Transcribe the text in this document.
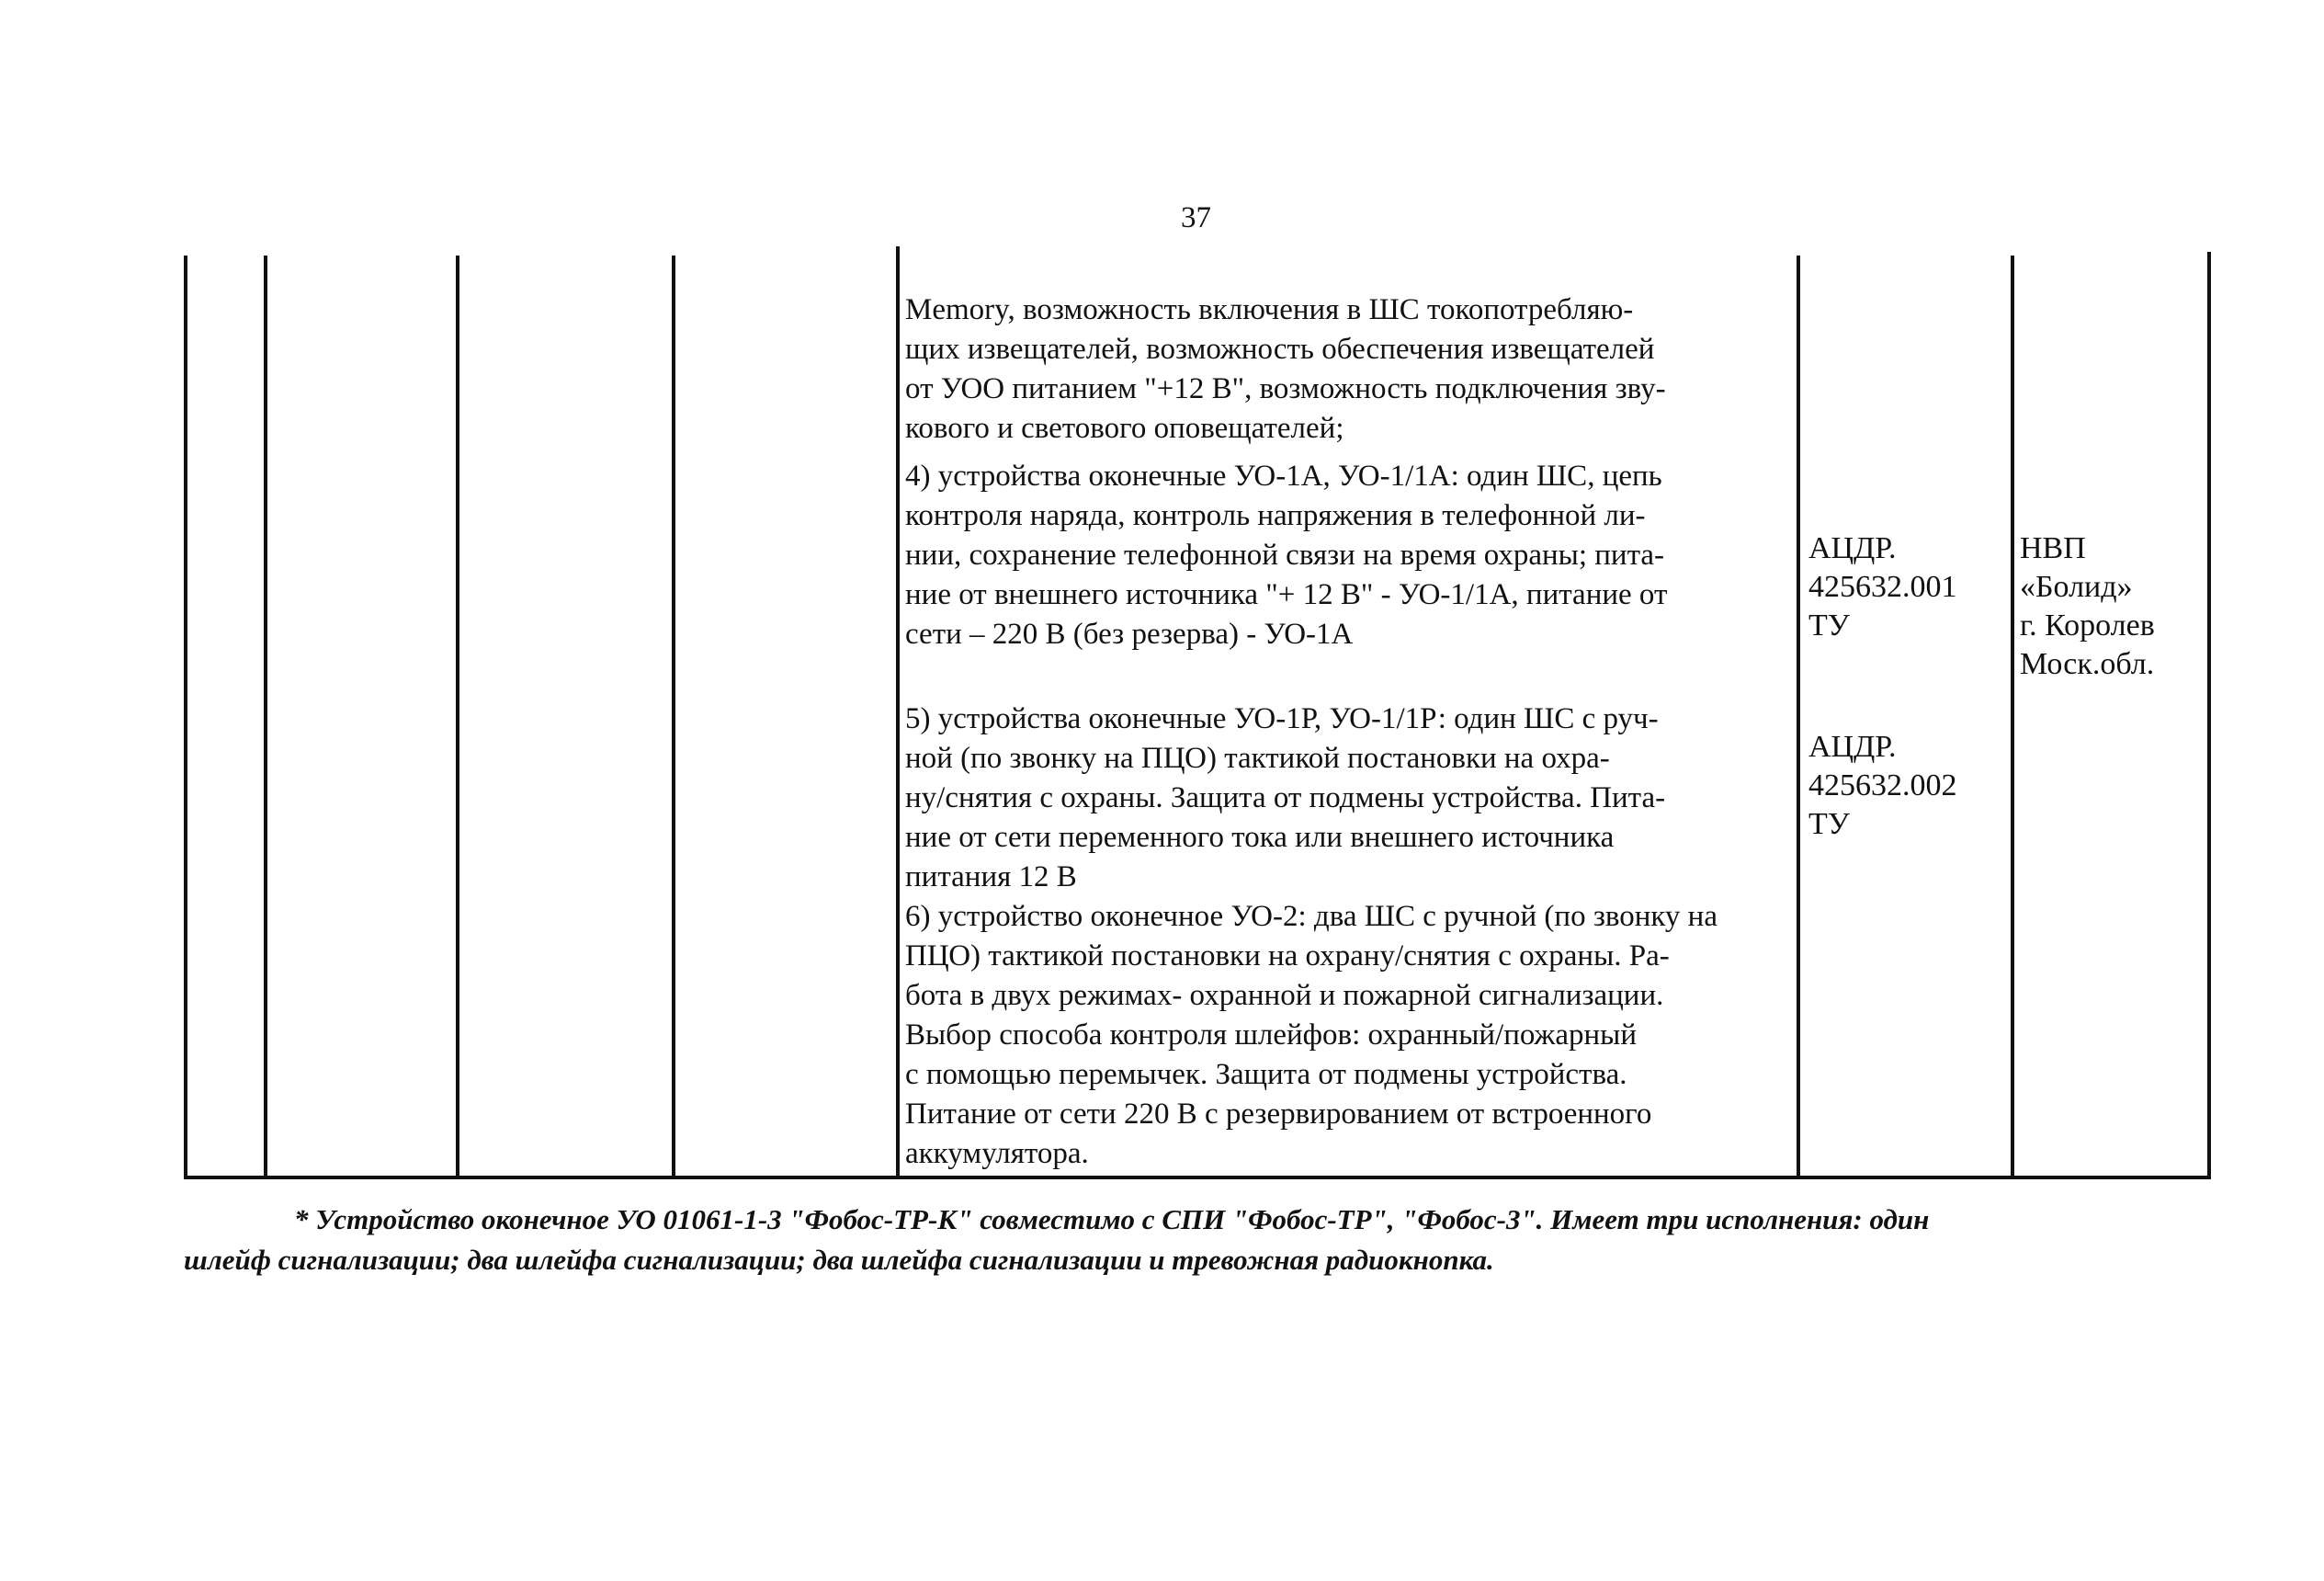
37
Memory, возможность включения в ШС токопотребляю-
щих извещателей, возможность обеспечения извещателей
от УОО питанием "+12 В", возможность подключения зву-
кового и светового оповещателей;
4) устройства оконечные УО-1А, УО-1/1А: один ШС, цепь
контроля наряда, контроль напряжения в телефонной ли-
нии, сохранение телефонной связи на время охраны; пита-
ние от внешнего источника "+ 12 В" - УО-1/1А, питание от
сети – 220 В (без резерва) - УО-1А
5) устройства оконечные УО-1Р, УО-1/1Р: один ШС с руч-
ной (по звонку на ПЦО) тактикой постановки на охра-
ну/снятия с охраны. Защита от подмены устройства. Пита-
ние от сети переменного тока или внешнего источника
питания 12 В
6) устройство оконечное УО-2: два ШС с ручной (по звонку на
ПЦО) тактикой постановки на охрану/снятия с охраны. Ра-
бота в двух режимах- охранной и пожарной сигнализации.
Выбор способа контроля шлейфов: охранный/пожарный
с помощью перемычек. Защита от подмены устройства.
Питание от сети 220 В с резервированием от встроенного
аккумулятора.
АЦДР.
425632.001
ТУ
АЦДР.
425632.002
ТУ
НВП
«Болид»
г. Королев
Моск.обл.
* Устройство оконечное УО 01061-1-3 "Фобос-ТР-К" совместимо с СПИ "Фобос-ТР", "Фобос-3". Имеет три исполнения: один
шлейф сигнализации; два шлейфа сигнализации; два шлейфа сигнализации и тревожная радиокнопка.
